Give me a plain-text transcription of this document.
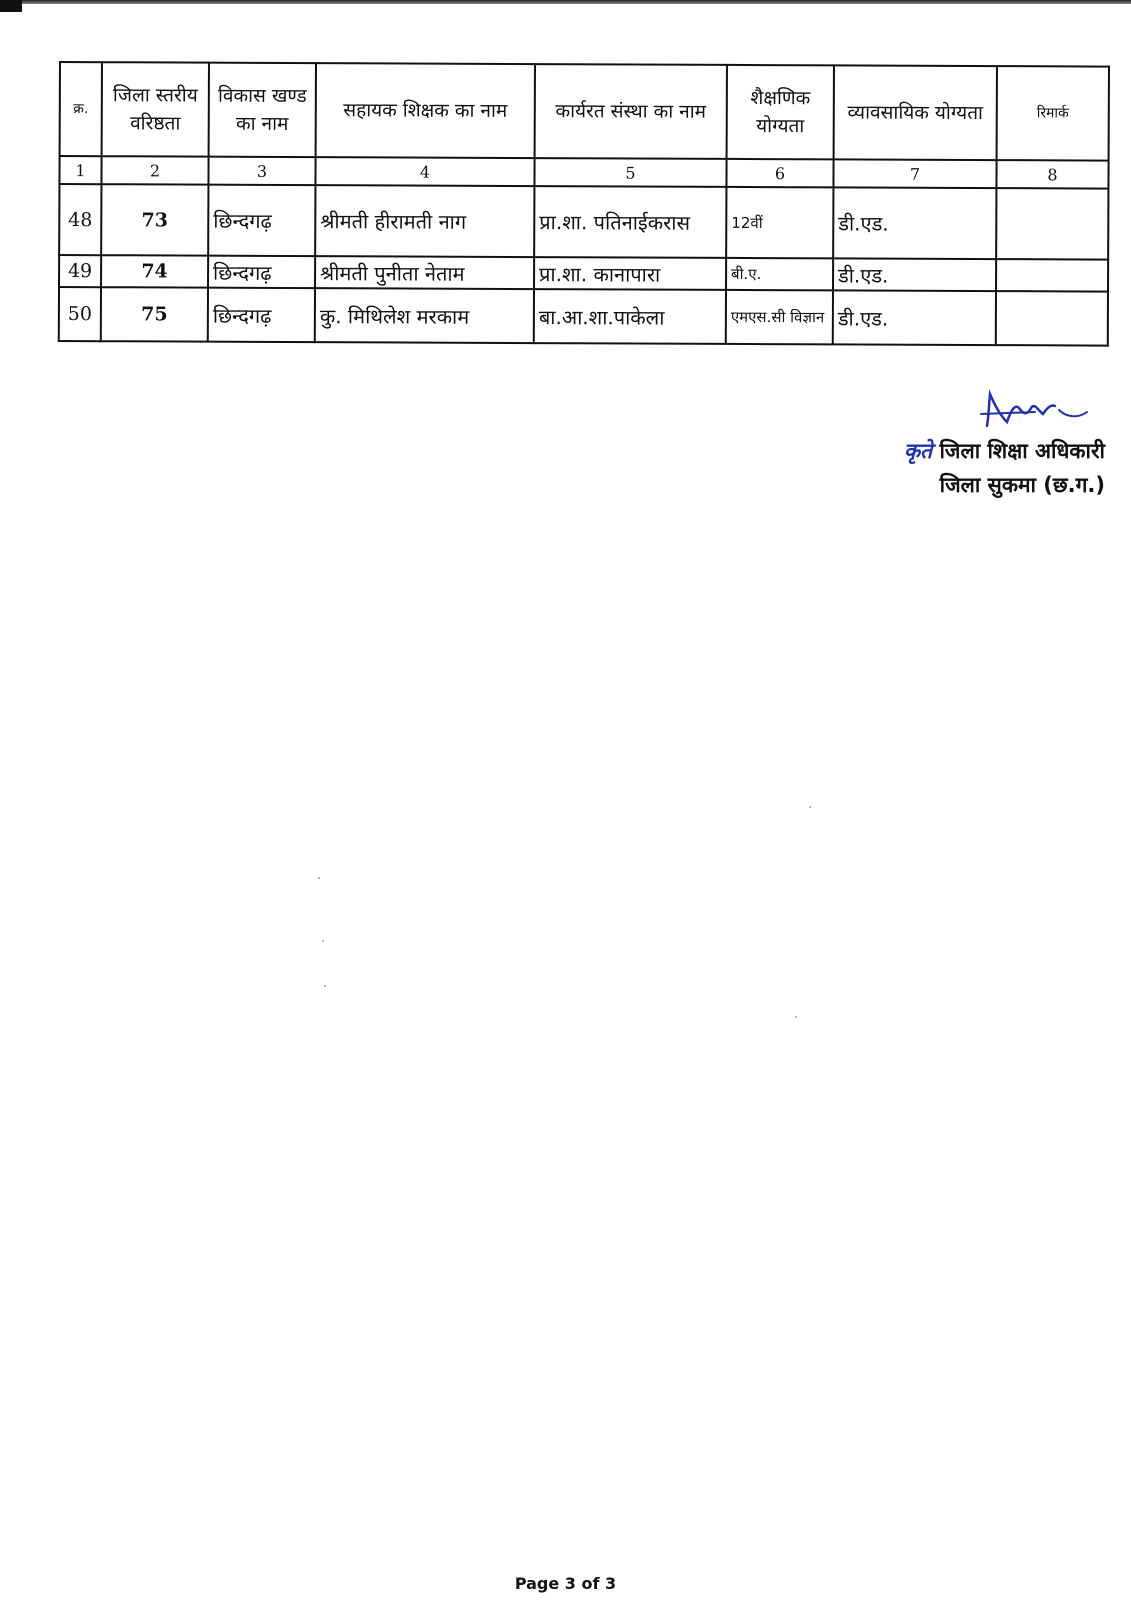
क्र.	जिला स्तरीय वरिष्ठता	विकास खण्ड का नाम	सहायक शिक्षक का नाम	कार्यरत संस्था का नाम	शैक्षणिक योग्यता	व्यावसायिक योग्यता	रिमार्क
1	2	3	4	5	6	7	8
48	73	छिन्दगढ़	श्रीमती हीरामती नाग	प्रा.शा. पतिनाईकरास	12वीं	डी.एड.	
49	74	छिन्दगढ़	श्रीमती पुनीता नेताम	प्रा.शा. कानापारा	बी.ए.	डी.एड.	
50	75	छिन्दगढ़	कु. मिथिलेश मरकाम	बा.आ.शा.पाकेला	एमएस.सी विज्ञान	डी.एड.	
कृते जिला शिक्षा अधिकारी
जिला सुकमा (छ.ग.)
Page 3 of 3
